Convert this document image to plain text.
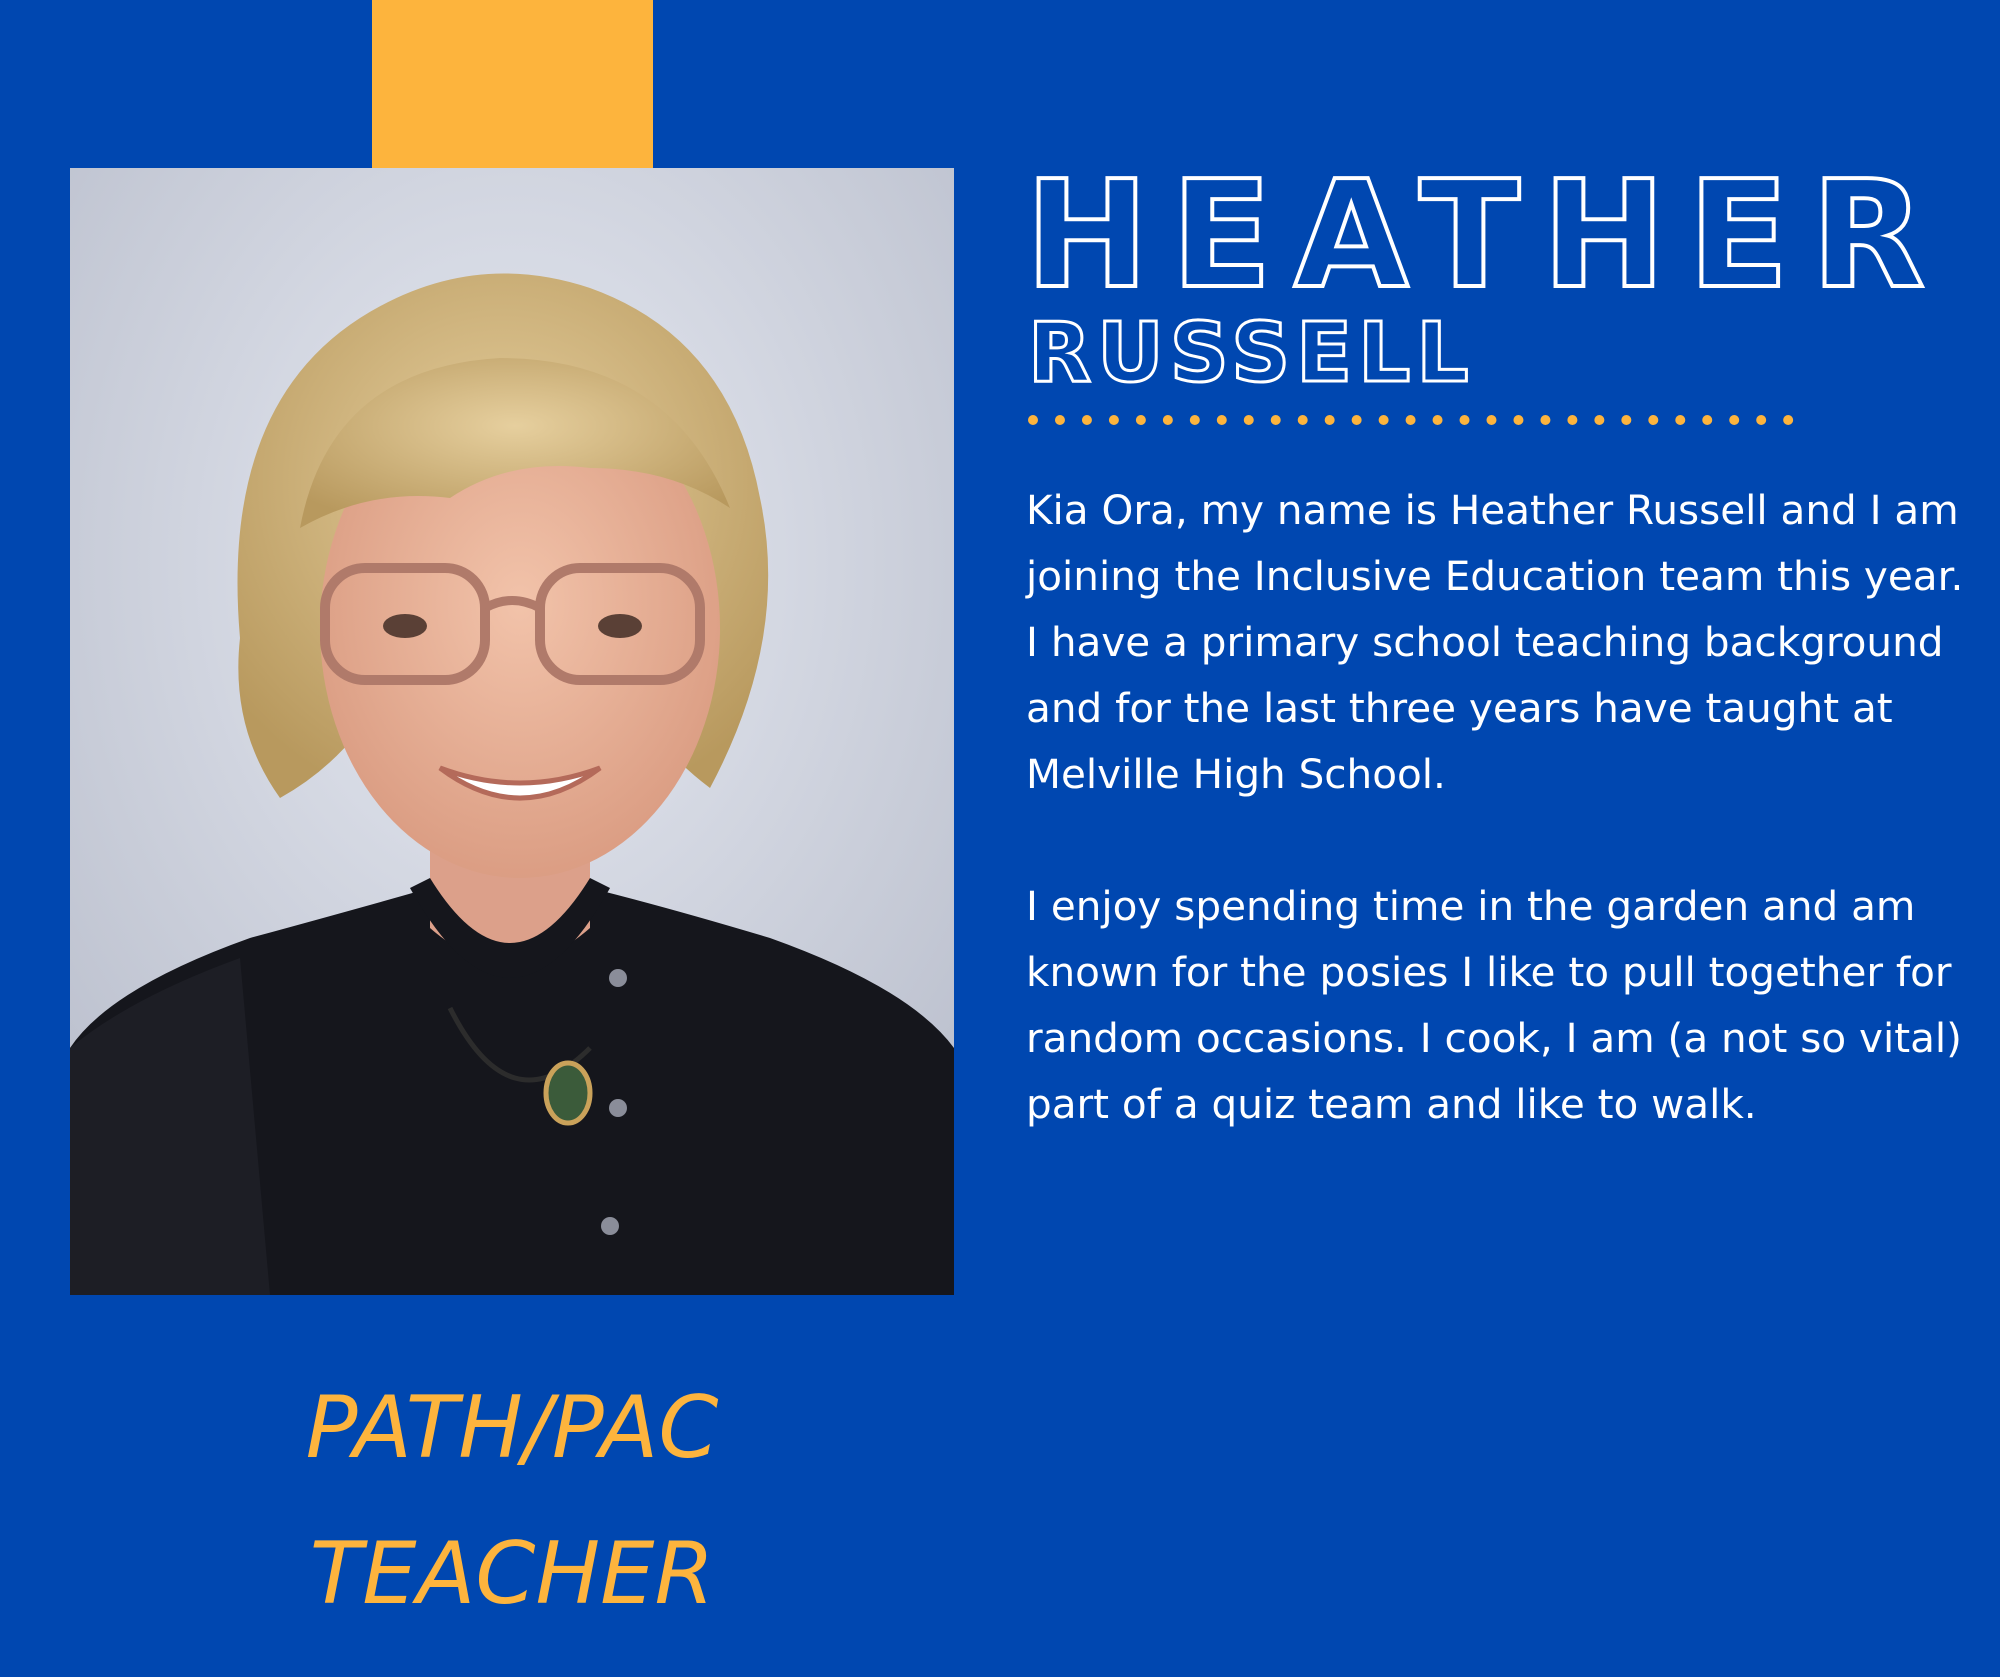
HEATHER
RUSSELL

Kia Ora, my name is Heather Russell and I am joining the Inclusive Education team this year. I have a primary school teaching background and for the last three years have taught at Melville High School.

I enjoy spending time in the garden and am known for the posies I like to pull together for random occasions. I cook, I am (a not so vital) part of a quiz team and like to walk.

PATH/PAC
TEACHER
